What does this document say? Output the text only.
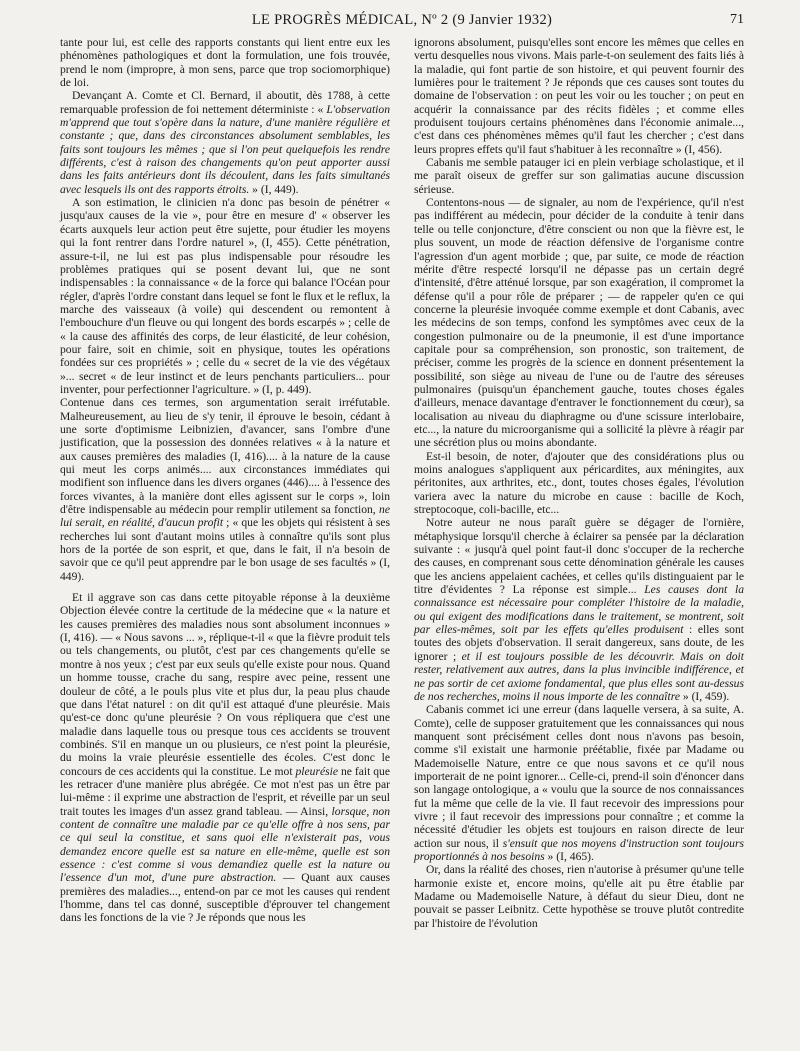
LE PROGRÈS MÉDICAL, Nº 2 (9 Janvier 1932)	71

tante pour lui, est celle des rapports constants qui lient entre eux les phénomènes pathologiques et dont la formulation, une fois trouvée, prend le nom (impropre, à mon sens, parce que trop sociomorphique) de loi.

Devançant A. Comte et Cl. Bernard, il aboutit, dès 1788, à cette remarquable profession de foi nettement déterministe : « L'observation m'apprend que tout s'opère dans la nature, d'une manière régulière et constante ; que, dans des circonstances absolument semblables, les faits sont toujours les mêmes ; que si l'on peut quelquefois les rendre différents, c'est à raison des changements qu'on peut apporter aussi dans les faits antérieurs dont ils découlent, dans les faits simultanés avec lesquels ils ont des rapports étroits. » (I, 449).

A son estimation, le clinicien n'a donc pas besoin de pénétrer « jusqu'aux causes de la vie », pour être en mesure d' « observer les écarts auxquels leur action peut être sujette, pour étudier les moyens qui la font rentrer dans l'ordre naturel », (I, 455). Cette pénétration, assure-t-il, ne lui est pas plus indispensable pour résoudre les problèmes pratiques qui se posent devant lui, que ne sont indispensables : la connaissance « de la force qui balance l'Océan pour régler, d'après l'ordre constant dans lequel se font le flux et le reflux, la marche des vaisseaux (à voile) qui descendent ou remontent à l'embouchure d'un fleuve ou qui longent des bords escarpés » ; celle de « la cause des affinités des corps, de leur élasticité, de leur cohésion, pour faire, soit en chimie, soit en physique, toutes les opérations fondées sur ces propriétés » ; celle du « secret de la vie des végétaux »... secret « de leur instinct et de leurs penchants particuliers... pour inventer, pour perfectionner l'agriculture. » (I, p. 449).

Contenue dans ces termes, son argumentation serait irréfutable. Malheureusement, au lieu de s'y tenir, il éprouve le besoin, cédant à une sorte d'optimisme Leibnizien, d'avancer, sans l'ombre d'une justification, que la possession des données relatives « à la nature et aux causes premières des maladies (I, 416).... à la nature de la cause qui meut les corps animés.... aux circonstances immédiates qui modifient son influence dans les divers organes (446).... à l'essence des forces vivantes, à la manière dont elles agissent sur le corps », loin d'être indispensable au médecin pour remplir utilement sa fonction, ne lui serait, en réalité, d'aucun profit ; « que les objets qui résistent à ses recherches lui sont d'autant moins utiles à connaître qu'ils sont plus hors de la portée de son esprit, et que, dans le fait, il n'a besoin de savoir que ce qu'il peut apprendre par le bon usage de ses facultés » (I, 449).

Et il aggrave son cas dans cette pitoyable réponse à la deuxième Objection élevée contre la certitude de la médecine que « la nature et les causes premières des maladies nous sont absolument inconnues » (I, 416). — « Nous savons ... », réplique-t-il « que la fièvre produit tels ou tels changements, ou plutôt, c'est par ces changements qu'elle se montre à nos yeux ; c'est par eux seuls qu'elle existe pour nous. Quand un homme tousse, crache du sang, respire avec peine, ressent une douleur de côté, a le pouls plus vite et plus dur, la peau plus chaude que dans l'état naturel : on dit qu'il est attaqué d'une pleurésie. Mais qu'est-ce donc qu'une pleurésie ? On vous répliquera que c'est une maladie dans laquelle tous ou presque tous ces accidents se trouvent combinés. S'il en manque un ou plusieurs, ce n'est point la pleurésie, du moins la vraie pleurésie essentielle des écoles. C'est donc le concours de ces accidents qui la constitue. Le mot pleurésie ne fait que les retracer d'une manière plus abrégée. Ce mot n'est pas un être par lui-même : il exprime une abstraction de l'esprit, et réveille par un seul trait toutes les images d'un assez grand tableau. — Ainsi, lorsque, non content de connaître une maladie par ce qu'elle offre à nos sens, par ce qui seul la constitue, et sans quoi elle n'existerait pas, vous demandez encore quelle est sa nature en elle-même, quelle est son essence : c'est comme si vous demandiez quelle est la nature ou l'essence d'un mot, d'une pure abstraction. — Quant aux causes premières des maladies..., entend-on par ce mot les causes qui rendent l'homme, dans tel cas donné, susceptible d'éprouver tel changement dans les fonctions de la vie ? Je réponds que nous les

ignorons absolument, puisqu'elles sont encore les mêmes que celles en vertu desquelles nous vivons. Mais parle-t-on seulement des faits liés à la maladie, qui font partie de son histoire, et qui peuvent fournir des lumières pour le traitement ? Je réponds que ces causes sont toutes du domaine de l'observation : on peut les voir ou les toucher ; on peut en acquérir la connaissance par des récits fidèles ; et comme elles produisent toujours certains phénomènes dans l'économie animale..., c'est dans ces phénomènes mêmes qu'il faut les chercher ; c'est dans leurs propres effets qu'il faut s'habituer à les reconnaître » (I, 456).

Cabanis me semble patauger ici en plein verbiage scholastique, et il me paraît oiseux de greffer sur son galimatias aucune discussion sérieuse.

Contentons-nous — de signaler, au nom de l'expérience, qu'il n'est pas indifférent au médecin, pour décider de la conduite à tenir dans telle ou telle conjoncture, d'être conscient ou non que la fièvre est, le plus souvent, un mode de réaction défensive de l'organisme contre l'agression d'un agent morbide ; que, par suite, ce mode de réaction mérite d'être respecté lorsqu'il ne dépasse pas un certain degré d'intensité, d'être atténué lorsque, par son exagération, il compromet la défense qu'il a pour rôle de préparer ; — de rappeler qu'en ce qui concerne la pleurésie invoquée comme exemple et dont Cabanis, avec les médecins de son temps, confond les symptômes avec ceux de la congestion pulmonaire ou de la pneumonie, il est d'une importance capitale pour sa compréhension, son pronostic, son traitement, de préciser, comme les progrès de la science en donnent présentement la possibilité, son siège au niveau de l'une ou de l'autre des séreuses pulmonaires (puisqu'un épanchement gauche, toutes choses égales d'ailleurs, menace davantage d'entraver le fonctionnement du cœur), sa localisation au niveau du diaphragme ou d'une scissure interlobaire, etc..., la nature du microorganisme qui a sollicité la plèvre à réagir par une sécrétion plus ou moins abondante.

Est-il besoin, de noter, d'ajouter que des considérations plus ou moins analogues s'appliquent aux péricardites, aux méningites, aux péritonites, aux arthrites, etc., dont, toutes choses égales, l'évolution variera avec la nature du microbe en cause : bacille de Koch, streptocoque, coli-bacille, etc...

Notre auteur ne nous paraît guère se dégager de l'ornière, métaphysique lorsqu'il cherche à éclairer sa pensée par la déclaration suivante : « jusqu'à quel point faut-il donc s'occuper de la recherche des causes, en comprenant sous cette dénomination générale les causes que les anciens appelaient cachées, et celles qu'ils distinguaient par le titre d'évidentes ? La réponse est simple... Les causes dont la connaissance est nécessaire pour compléter l'histoire de la maladie, ou qui exigent des modifications dans le traitement, se montrent, soit par elles-mêmes, soit par les effets qu'elles produisent : elles sont toutes des objets d'observation. Il serait dangereux, sans doute, de les ignorer ; et il est toujours possible de les découvrir. Mais on doit rester, relativement aux autres, dans la plus invincible indifférence, et ne pas sortir de cet axiome fondamental, que plus elles sont au-dessus de nos recherches, moins il nous importe de les connaître » (I, 459).

Cabanis commet ici une erreur (dans laquelle versera, à sa suite, A. Comte), celle de supposer gratuitement que les connaissances qui nous manquent sont précisément celles dont nous n'avons pas besoin, comme s'il existait une harmonie préétablie, fixée par Madame ou Mademoiselle Nature, entre ce que nous savons et ce qu'il nous importerait de ne point ignorer... Celle-ci, prend-il soin d'énoncer dans son langage ontologique, a « voulu que la source de nos connaissances fut la même que celle de la vie. Il faut recevoir des impressions pour vivre ; il faut recevoir des impressions pour connaître ; et comme la nécessité d'étudier les objets est toujours en raison directe de leur action sur nous, il s'ensuit que nos moyens d'instruction sont toujours proportionnés à nos besoins » (I, 465).

Or, dans la réalité des choses, rien n'autorise à présumer qu'une telle harmonie existe et, encore moins, qu'elle ait pu être établie par Madame ou Mademoiselle Nature, à défaut du sieur Dieu, dont ne pouvait se passer Leibnitz. Cette hypothèse se trouve plutôt contredite par l'histoire de l'évolution
